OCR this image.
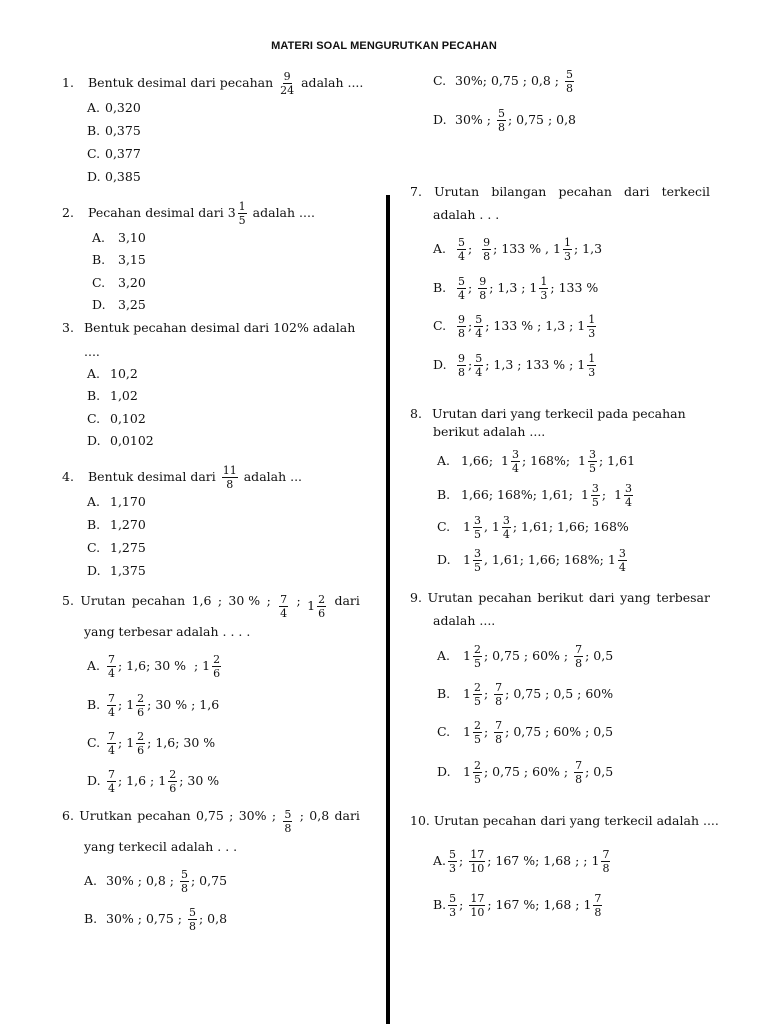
MATERI SOAL MENGURUTKAN PECAHAN
1. Bentuk desimal dari pecahan $\frac{9}{24}$ adalah ....
A. 0,320
B. 0,375
C. 0,377
D. 0,385
2. Pecahan desimal dari $3 \frac{1}{5}$ adalah ....
A. 3,10
B. 3,15
C. 3,20
D. 3,25
3. Bentuk pecahan desimal dari 102% adalah
....
A. 10,2
B. 1,02
C. 0,102
D. 0,0102
4. Bentuk desimal dari $\frac{11}{8}$ adalah ...
A. 1,170
B. 1,270
C. 1,275
D. 1,375
5. Urutan pecahan 1,6 ; 30 % ; $\frac{7}{4}$ ; $1 \frac{2}{6}$ dari
yang terbesar adalah . . . .
A. $\frac{7}{4}$ ; 1,6; 30 % ; $1 \frac{2}{6}$
B. $\frac{7}{4}$ ; $1 \frac{2}{6}$ ; 30 % ; 1,6
C. $\frac{7}{4}$ ; $1 \frac{2}{6}$ ; 1,6; 30 %
D. $\frac{7}{4}$ ; 1,6 ; $1 \frac{2}{6}$ ; 30 %
6. Urutkan pecahan 0,75 ; 30% ; $\frac{5}{8}$ ; 0,8 dari
yang terkecil adalah . . .
A. 30% ; 0,8 ; $\frac{5}{8}$ ; 0,75
B. 30% ; 0,75 ; $\frac{5}{8}$ ; 0,8
C. 30%; 0,75 ; 0,8 ; $\frac{5}{8}$
D. 30% ; $\frac{5}{8}$ ; 0,75 ; 0,8
7. Urutan bilangan pecahan dari terkecil
adalah . . .
A. $\frac{5}{4}$ ; $\frac{9}{8}$ ; 133 % , $1 \frac{1}{3}$ ; 1,3
B. $\frac{5}{4}$ ; $\frac{9}{8}$ ; 1,3 ; $1 \frac{1}{3}$ ; 133 %
C. $\frac{9}{8}$ ; $\frac{5}{4}$ ; 133 % ; 1,3 ; $1 \frac{1}{3}$
D. $\frac{9}{8}$ ; $\frac{5}{4}$ ; 1,3 ; 133 % ; $1 \frac{1}{3}$
8. Urutan dari yang terkecil pada pecahan
berikut adalah ....
A. 1,66; $1 \frac{3}{4}$ ; 168%; $1 \frac{3}{5}$ ; 1,61
B. 1,66; 168%; 1,61; $1 \frac{3}{5}$ ; $1 \frac{3}{4}$
C. $1 \frac{3}{5}$ , $1 \frac{3}{4}$ ; 1,61; 1,66; 168%
D. $1 \frac{3}{5}$ , 1,61; 1,66; 168%; $1 \frac{3}{4}$
9. Urutan pecahan berikut dari yang terbesar
adalah ....
A. $1 \frac{2}{5}$ ; 0,75 ; 60% ; $\frac{7}{8}$ ; 0,5
B. $1 \frac{2}{5}$ ; $\frac{7}{8}$ ; 0,75 ; 0,5 ; 60%
C. $1 \frac{2}{5}$ ; $\frac{7}{8}$ ; 0,75 ; 60% ; 0,5
D. $1 \frac{2}{5}$ ; 0,75 ; 60% ; $\frac{7}{8}$ ; 0,5
10. Urutan pecahan dari yang terkecil adalah ....
A. $\frac{5}{3}$ ; $\frac{17}{10}$ ; 167 %; 1,68 ; ; $1 \frac{7}{8}$
B. $\frac{5}{3}$ ; $\frac{17}{10}$ ; 167 %; 1,68 ; $1 \frac{7}{8}$
